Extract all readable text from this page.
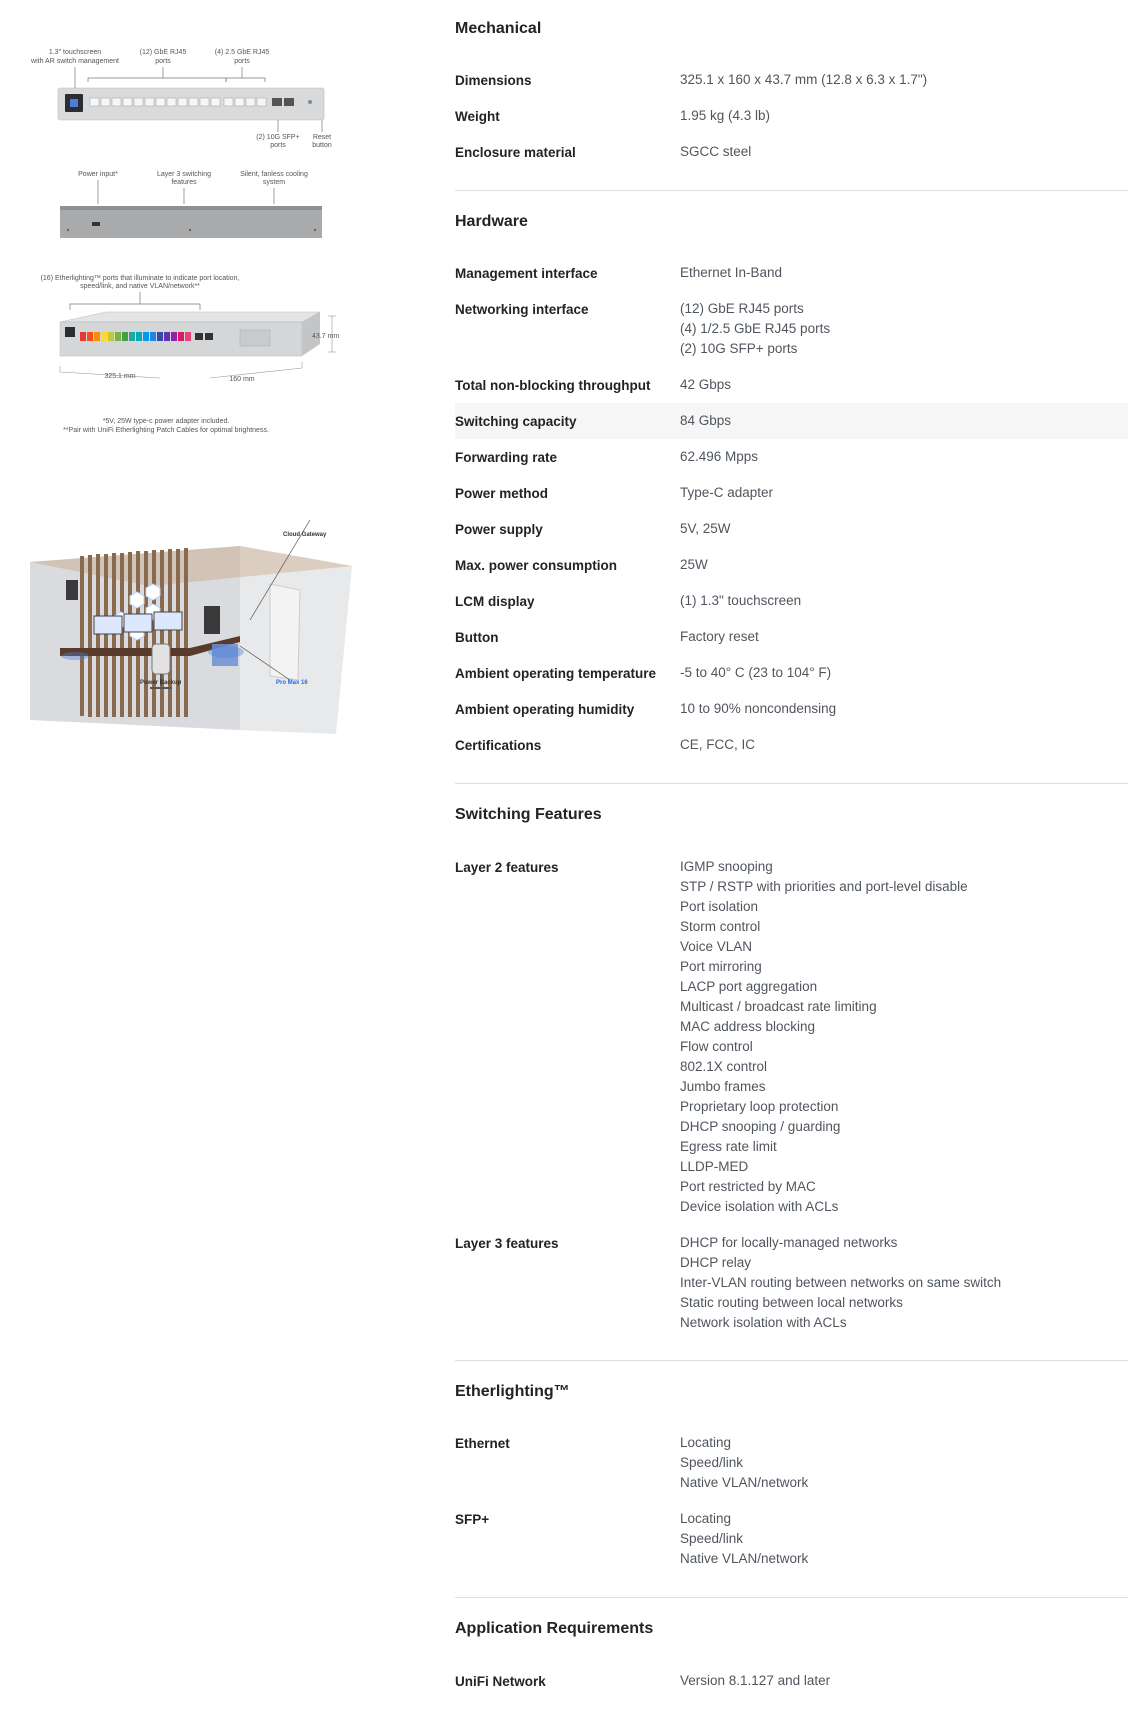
1.3" touchscreen
with AR switch management
(12) GbE RJ45
ports
(4) 2.5 GbE RJ45
ports
(2) 10G SFP+
ports
Reset
button
Power input*	Layer 3 switching
features
Silent, fanless cooling
system
(16) Etherlighting™ ports that illuminate to indicate port location,
speed/link, and native VLAN/network**
43.7 mm
325.1 mm	160 mm
*5V, 25W type-c power adapter included.
**Pair with UniFi Etherlighting Patch Cables for optimal brightness.
Cloud Gateway
Power Backup	Pro Max 16
Mechanical
Dimensions	325.1 x 160 x 43.7 mm (12.8 x 6.3 x 1.7")
Weight	1.95 kg (4.3 lb)
Enclosure material	SGCC steel
Hardware
Management interface	Ethernet In-Band
Networking interface	(12) GbE RJ45 ports
(4) 1/2.5 GbE RJ45 ports
(2) 10G SFP+ ports
Total non-blocking throughput 42 Gbps
Switching capacity	84 Gbps
Forwarding rate	62.496 Mpps
Power method	Type-C adapter
Power supply	5V, 25W
Max. power consumption	25W
LCM display	(1) 1.3" touchscreen
Button	Factory reset
Ambient operating temperature -5 to 40° C (23 to 104° F)
Ambient operating humidity	10 to 90% noncondensing
Certifications	CE, FCC, IC
Switching Features
Layer 2 features	IGMP snooping
STP / RSTP with priorities and port-level disable
Port isolation
Storm control
Voice VLAN
Port mirroring
LACP port aggregation
Multicast / broadcast rate limiting
MAC address blocking
Flow control
802.1X control
Jumbo frames
Proprietary loop protection
DHCP snooping / guarding
Egress rate limit
LLDP-MED
Port restricted by MAC
Device isolation with ACLs
Layer 3 features	DHCP for locally-managed networks
DHCP relay
Inter-VLAN routing between networks on same switch
Static routing between local networks
Network isolation with ACLs
Etherlighting™
Ethernet	Locating
Speed/link
Native VLAN/network
SFP+	Locating
Speed/link
Native VLAN/network
Application Requirements
UniFi Network	Version 8.1.127 and later
